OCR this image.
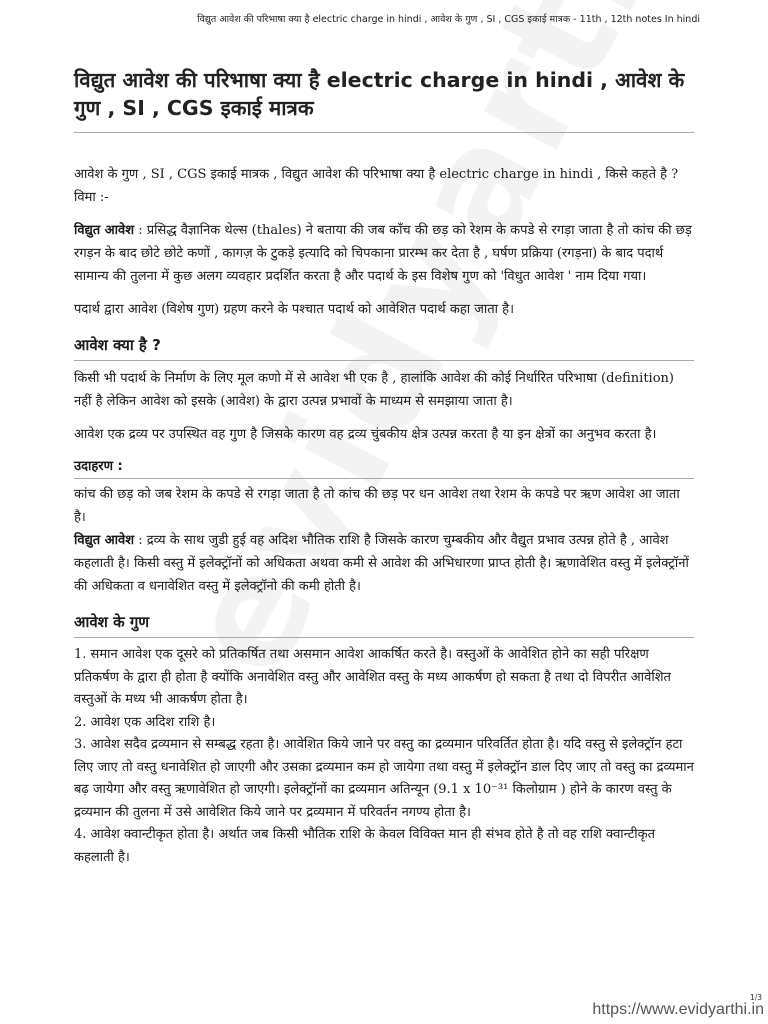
विद्युत आवेश की परिभाषा क्या है electric charge in hindi , आवेश के गुण , SI , CGS इकाई मात्रक - 11th , 12th notes In hindi
विद्युत आवेश की परिभाषा क्या है electric charge in hindi , आवेश के गुण , SI , CGS इकाई मात्रक

आवेश के गुण , SI , CGS इकाई मात्रक , विद्युत आवेश की परिभाषा क्या है electric charge in hindi , किसे कहते है ? विमा :-

विद्युत आवेश : प्रसिद्ध वैज्ञानिक थेल्स (thales) ने बताया की जब काँच की छड़ को रेशम के कपडे से रगड़ा जाता है तो कांच की छड़ रगड़न के बाद छोटे छोटे कणों , कागज़ के टुकड़े इत्यादि को चिपकाना प्रारम्भ कर देता है , घर्षण प्रक्रिया (रगड़ना) के बाद पदार्थ सामान्य की तुलना में कुछ अलग व्यवहार प्रदर्शित करता है और पदार्थ के इस विशेष गुण को 'विधुत आवेश ' नाम दिया गया।

पदार्थ द्वारा आवेश (विशेष गुण) ग्रहण करने के पश्चात पदार्थ को आवेशित पदार्थ कहा जाता है।

आवेश क्या है ?

किसी भी पदार्थ के निर्माण के लिए मूल कणो में से आवेश भी एक है , हालांकि आवेश की कोई निर्धारित परिभाषा (definition) नहीं है लेकिन आवेश को इसके (आवेश) के द्वारा उत्पन्न प्रभावों के माध्यम से समझाया जाता है।

आवेश एक द्रव्य पर उपस्थित वह गुण है जिसके कारण वह द्रव्य चुंबकीय क्षेत्र उत्पन्न करता है या इन क्षेत्रों का अनुभव करता है।

उदाहरण :

कांच की छड़ को जब रेशम के कपडे से रगड़ा जाता है तो कांच की छड़ पर धन आवेश तथा रेशम के कपडे पर ऋण आवेश आ जाता है।

विद्युत आवेश : द्रव्य के साथ जुडी हुई वह अदिश भौतिक राशि है जिसके कारण चुम्बकीय और वैद्युत प्रभाव उत्पन्न होते है , आवेश कहलाती है। किसी वस्तु में इलेक्ट्रॉनों को अधिकता अथवा कमी से आवेश की अभिधारणा प्राप्त होती है। ऋणावेशित वस्तु में इलेक्ट्रॉनों की अधिकता व धनावेशित वस्तु में इलेक्ट्रॉनो की कमी होती है।

आवेश के गुण
1. समान आवेश एक दूसरे को प्रतिकर्षित तथा असमान आवेश आकर्षित करते है। वस्तुओं के आवेशित होने का सही परिक्षण प्रतिकर्षण के द्वारा ही होता है क्योंकि अनावेशित वस्तु और आवेशित वस्तु के मध्य आकर्षण हो सकता है तथा दो विपरीत आवेशित वस्तुओं के मध्य भी आकर्षण होता है।
2. आवेश एक अदिश राशि है।
3. आवेश सदैव द्रव्यमान से सम्बद्ध रहता है। आवेशित किये जाने पर वस्तु का द्रव्यमान परिवर्तित होता है। यदि वस्तु से इलेक्ट्रॉन हटा लिए जाए तो वस्तु धनावेशित हो जाएगी और उसका द्रव्यमान कम हो जायेगा तथा वस्तु में इलेक्ट्रॉन डाल दिए जाए तो वस्तु का द्रव्यमान बढ़ जायेगा और वस्तु ऋणावेशित हो जाएगी। इलेक्ट्रॉनों का द्रव्यमान अतिन्यून (9.1 x 10⁻³¹ किलोग्राम ) होने के कारण वस्तु के द्रव्यमान की तुलना में उसे आवेशित किये जाने पर द्रव्यमान में परिवर्तन नगण्य होता है।
4. आवेश क्वान्टीकृत होता है। अर्थात जब किसी भौतिक राशि के केवल विविक्त मान ही संभव होते है तो वह राशि क्वान्टीकृत कहलाती है।
1/3
https://www.evidyarthi.in
